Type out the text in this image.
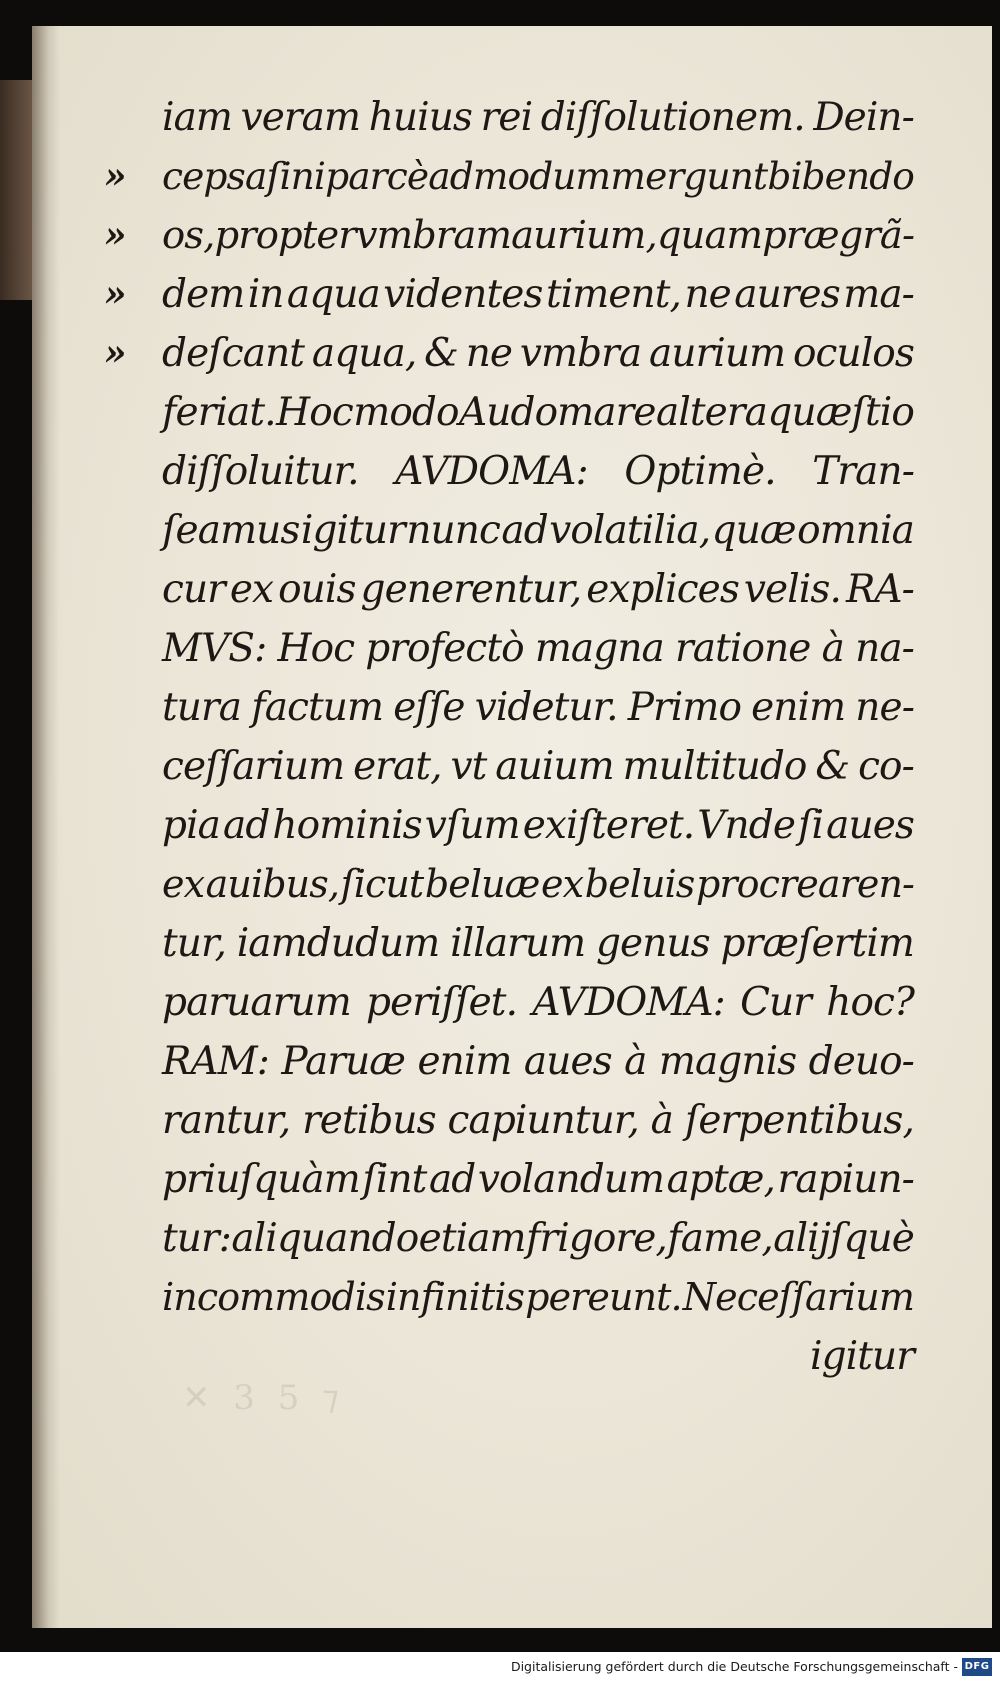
iam veram huius rei diſſolutionem. Dein-
» ceps aſini parcè admodum mergunt bibendo
» os, propter vmbram aurium, quam prægrã-
» dem in aqua videntes timent, ne aures ma-
» deſcant aqua, & ne vmbra aurium oculos
feriat. Hoc modo Audomare altera quæſtio
diſſoluitur. AVDOMA: Optimè. Tran-
ſeamus igitur nunc ad volatilia, quæ omnia
cur ex ouis generentur, explices velis. RA-
MVS: Hoc profectò magna ratione à na-
tura factum eſſe videtur. Primo enim ne-
ceſſarium erat, vt auium multitudo & co-
pia ad hominis vſum exiſteret. Vnde ſi aues
ex auibus, ſicut beluæ ex beluis procrearen-
tur, iamdudum illarum genus præſertim
paruarum periſſet. AVDOMA: Cur hoc?
RAM: Paruæ enim aues à magnis deuo-
rantur, retibus capiuntur, à ſerpentibus,
priuſquàm ſint ad volandum aptæ, rapiun-
tur: aliquando etiam frigore, fame, alijſquè
incommodis infinitis pereunt. Neceſſarium
igitur
✕ 3 5 ⁊
Digitalisierung gefördert durch die Deutsche Forschungsgemeinschaft - DFG
